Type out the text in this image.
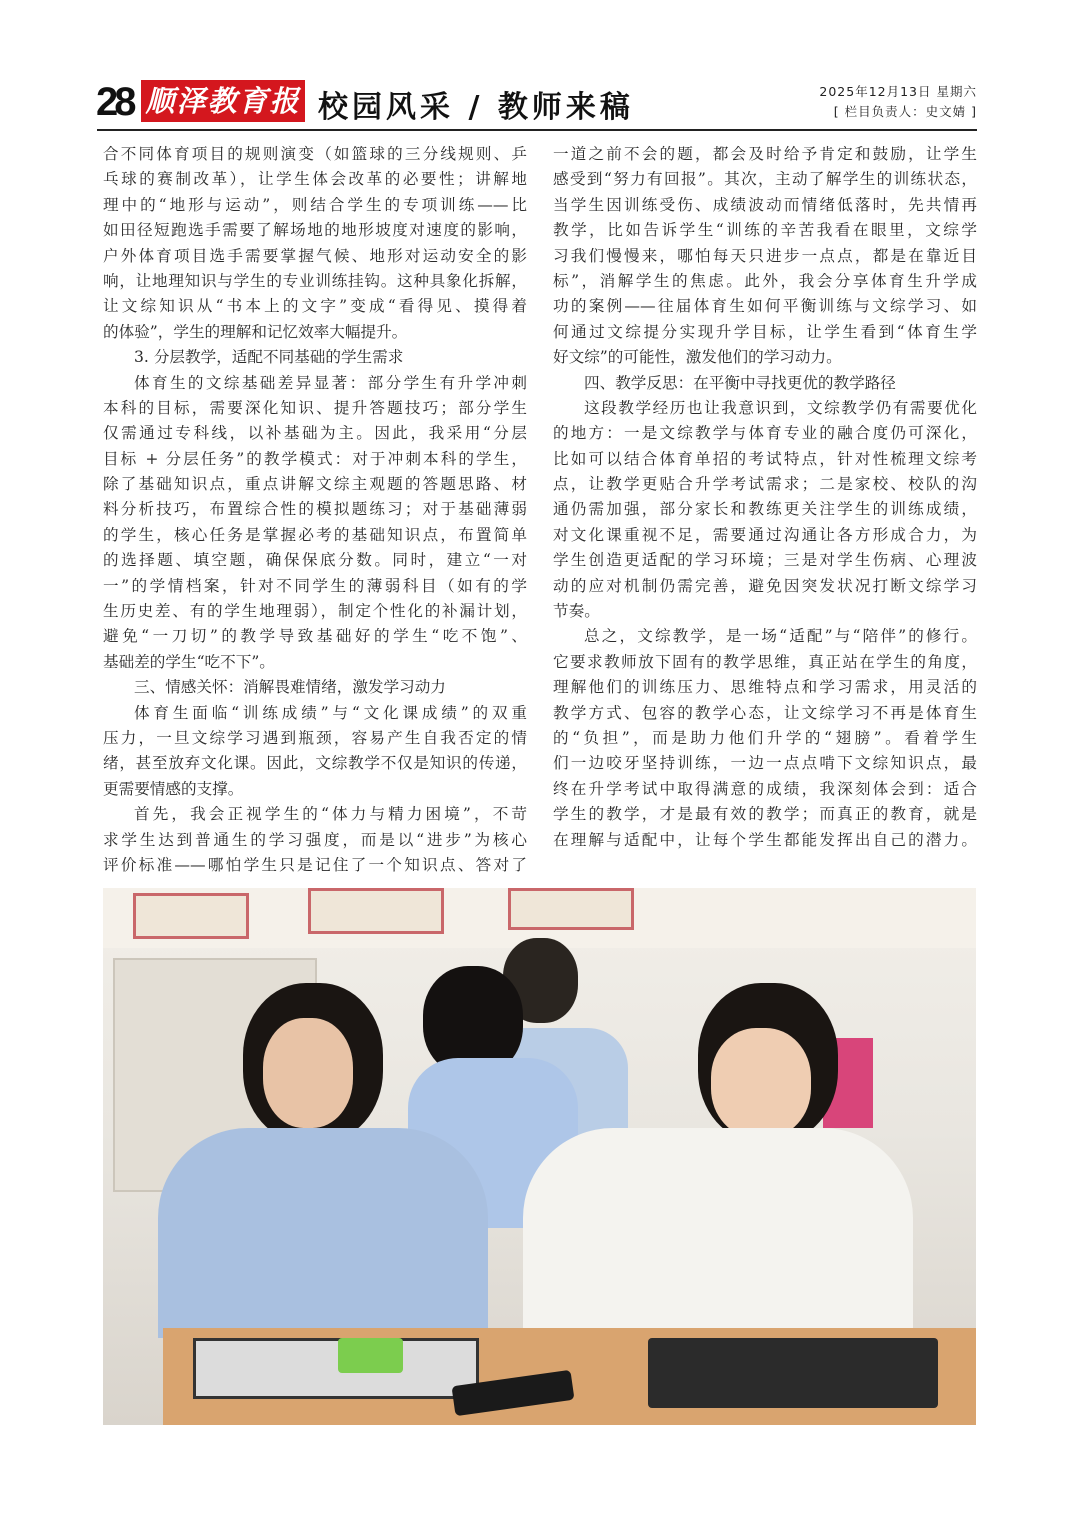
28 顺泽教育报 校园风采 / 教师来稿	2025年12月13日 星期六
[ 栏目负责人：史文婧 ]
合不同体育项目的规则演变（如篮球的三分线规则、乒
乓球的赛制改革），让学生体会改革的必要性；讲解地
理中的“地形与运动”，则结合学生的专项训练——比
如田径短跑选手需要了解场地的地形坡度对速度的影响，
户外体育项目选手需要掌握气候、地形对运动安全的影
响，让地理知识与学生的专业训练挂钩。这种具象化拆解，
让文综知识从“书本上的文字”变成“看得见、摸得着
的体验”，学生的理解和记忆效率大幅提升。
3. 分层教学，适配不同基础的学生需求
体育生的文综基础差异显著：部分学生有升学冲刺
本科的目标，需要深化知识、提升答题技巧；部分学生
仅需通过专科线，以补基础为主。因此，我采用“分层
目标 + 分层任务”的教学模式：对于冲刺本科的学生，
除了基础知识点，重点讲解文综主观题的答题思路、材
料分析技巧，布置综合性的模拟题练习；对于基础薄弱
的学生，核心任务是掌握必考的基础知识点，布置简单
的选择题、填空题，确保保底分数。同时，建立“一对
一”的学情档案，针对不同学生的薄弱科目（如有的学
生历史差、有的学生地理弱），制定个性化的补漏计划，
避免“一刀切”的教学导致基础好的学生“吃不饱”、
基础差的学生“吃不下”。
三、情感关怀：消解畏难情绪，激发学习动力
体育生面临“训练成绩”与“文化课成绩”的双重
压力，一旦文综学习遇到瓶颈，容易产生自我否定的情
绪，甚至放弃文化课。因此，文综教学不仅是知识的传递，
更需要情感的支撑。
首先，我会正视学生的“体力与精力困境”，不苛
求学生达到普通生的学习强度，而是以“进步”为核心
评价标准——哪怕学生只是记住了一个知识点、答对了
一道之前不会的题，都会及时给予肯定和鼓励，让学生
感受到“努力有回报”。其次，主动了解学生的训练状态，
当学生因训练受伤、成绩波动而情绪低落时，先共情再
教学，比如告诉学生“训练的辛苦我看在眼里，文综学
习我们慢慢来，哪怕每天只进步一点点，都是在靠近目
标”，消解学生的焦虑。此外，我会分享体育生升学成
功的案例——往届体育生如何平衡训练与文综学习、如
何通过文综提分实现升学目标，让学生看到“体育生学
好文综”的可能性，激发他们的学习动力。
四、教学反思：在平衡中寻找更优的教学路径
这段教学经历也让我意识到，文综教学仍有需要优化
的地方：一是文综教学与体育专业的融合度仍可深化，
比如可以结合体育单招的考试特点，针对性梳理文综考
点，让教学更贴合升学考试需求；二是家校、校队的沟
通仍需加强，部分家长和教练更关注学生的训练成绩，
对文化课重视不足，需要通过沟通让各方形成合力，为
学生创造更适配的学习环境；三是对学生伤病、心理波
动的应对机制仍需完善，避免因突发状况打断文综学习
节奏。
总之，文综教学，是一场“适配”与“陪伴”的修行。
它要求教师放下固有的教学思维，真正站在学生的角度，
理解他们的训练压力、思维特点和学习需求，用灵活的
教学方式、包容的教学心态，让文综学习不再是体育生
的“负担”，而是助力他们升学的“翅膀”。看着学生
们一边咬牙坚持训练，一边一点点啃下文综知识点，最
终在升学考试中取得满意的成绩，我深刻体会到：适合
学生的教学，才是最有效的教学；而真正的教育，就是
在理解与适配中，让每个学生都能发挥出自己的潜力。
